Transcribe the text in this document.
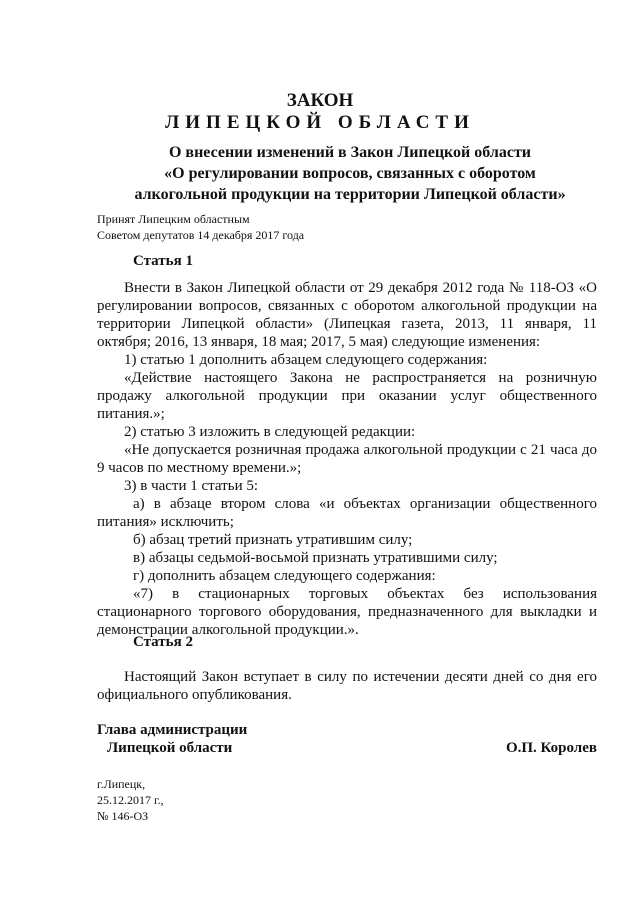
ЗАКОН
ЛИПЕЦКОЙ ОБЛАСТИ
О внесении изменений в Закон Липецкой области
«О регулировании вопросов, связанных с оборотом
алкогольной продукции на территории Липецкой области»
Принят Липецким областным
Советом депутатов 14 декабря 2017 года
Статья 1

Внести в Закон Липецкой области от 29 декабря 2012 года № 118-ОЗ «О регулировании вопросов, связанных с оборотом алкогольной продукции на территории Липецкой области» (Липецкая газета, 2013, 11 января, 11 октября; 2016, 13 января, 18 мая; 2017, 5 мая) следующие изменения:

1) статью 1 дополнить абзацем следующего содержания:

«Действие настоящего Закона не распространяется на розничную продажу алкогольной продукции при оказании услуг общественного питания.»;

2) статью 3 изложить в следующей редакции:

«Не допускается розничная продажа алкогольной продукции с 21 часа до 9 часов по местному времени.»;

3) в части 1 статьи 5:

а) в абзаце втором слова «и объектах организации общественного питания» исключить;

б) абзац третий признать утратившим силу;

в) абзацы седьмой-восьмой признать утратившими силу;

г) дополнить абзацем следующего содержания:

«7) в стационарных торговых объектах без использования стационарного торгового оборудования, предназначенного для выкладки и демонстрации алкогольной продукции.».

Статья 2

Настоящий Закон вступает в силу по истечении десяти дней со дня его официального опубликования.

Глава администрации
Липецкой области	О.П. Королев
г.Липецк,
25.12.2017 г.,
№ 146-ОЗ
